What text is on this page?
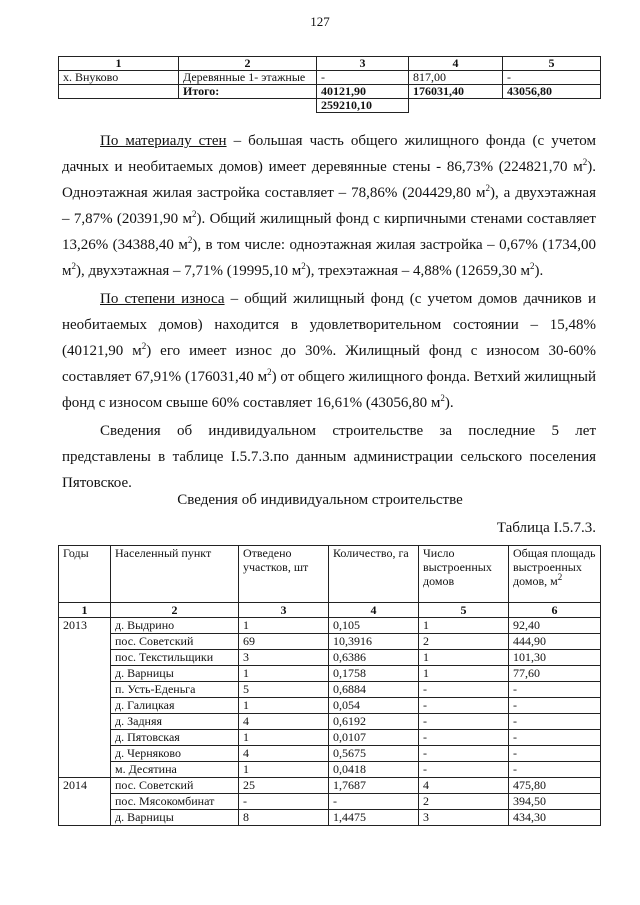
127
1	2	3	4	5
х. Внуково	Деревянные 1- этажные	-	817,00	-
	Итого:	40121,90	176031,40	43056,80
		259210,10		

По материалу стен – большая часть общего жилищного фонда (с учетом дачных и необитаемых домов) имеет деревянные стены - 86,73% (224821,70 $м^2$). Одноэтажная жилая застройка составляет – 78,86% (204429,80 $м^2$), а двухэтажная – 7,87% (20391,90 $м^2$). Общий жилищный фонд с кирпичными стенами составляет 13,26% (34388,40 $м^2$), в том числе: одноэтажная жилая застройка – 0,67% (1734,00 $м^2$), двухэтажная – 7,71% (19995,10 $м^2$), трехэтажная – 4,88% (12659,30 $м^2$).

По степени износа – общий жилищный фонд (с учетом домов дачников и необитаемых домов) находится в удовлетворительном состоянии – 15,48% (40121,90 $м^2$) его имеет износ до 30%. Жилищный фонд с износом 30-60% составляет 67,91% (176031,40 $м^2$) от общего жилищного фонда. Ветхий жилищный фонд с износом свыше 60% составляет 16,61% (43056,80 $м^2$).

Сведения об индивидуальном строительстве за последние 5 лет представлены в таблице I.5.7.3.по данным администрации сельского поселения Пятовское.

Сведения об индивидуальном строительстве

Таблица I.5.7.3.

Годы	Населенный пункт	Отведено участков, шт	Количество, га	Число выстроенных домов	Общая площадь выстроенных домов, $м^2$
1	2	3	4	5	6
2013	д. Выдрино	1	0,105	1	92,40
	пос. Советский	69	10,3916	2	444,90
	пос. Текстильщики	3	0,6386	1	101,30
	д. Варницы	1	0,1758	1	77,60
	п. Усть-Еденьга	5	0,6884	-	-
	д. Галицкая	1	0,054	-	-
	д. Задняя	4	0,6192	-	-
	д. Пятовская	1	0,0107	-	-
	д. Черняково	4	0,5675	-	-
	м. Десятина	1	0,0418	-	-
2014	пос. Советский	25	1,7687	4	475,80
	пос. Мясокомбинат	-	-	2	394,50
	д. Варницы	8	1,4475	3	434,30
